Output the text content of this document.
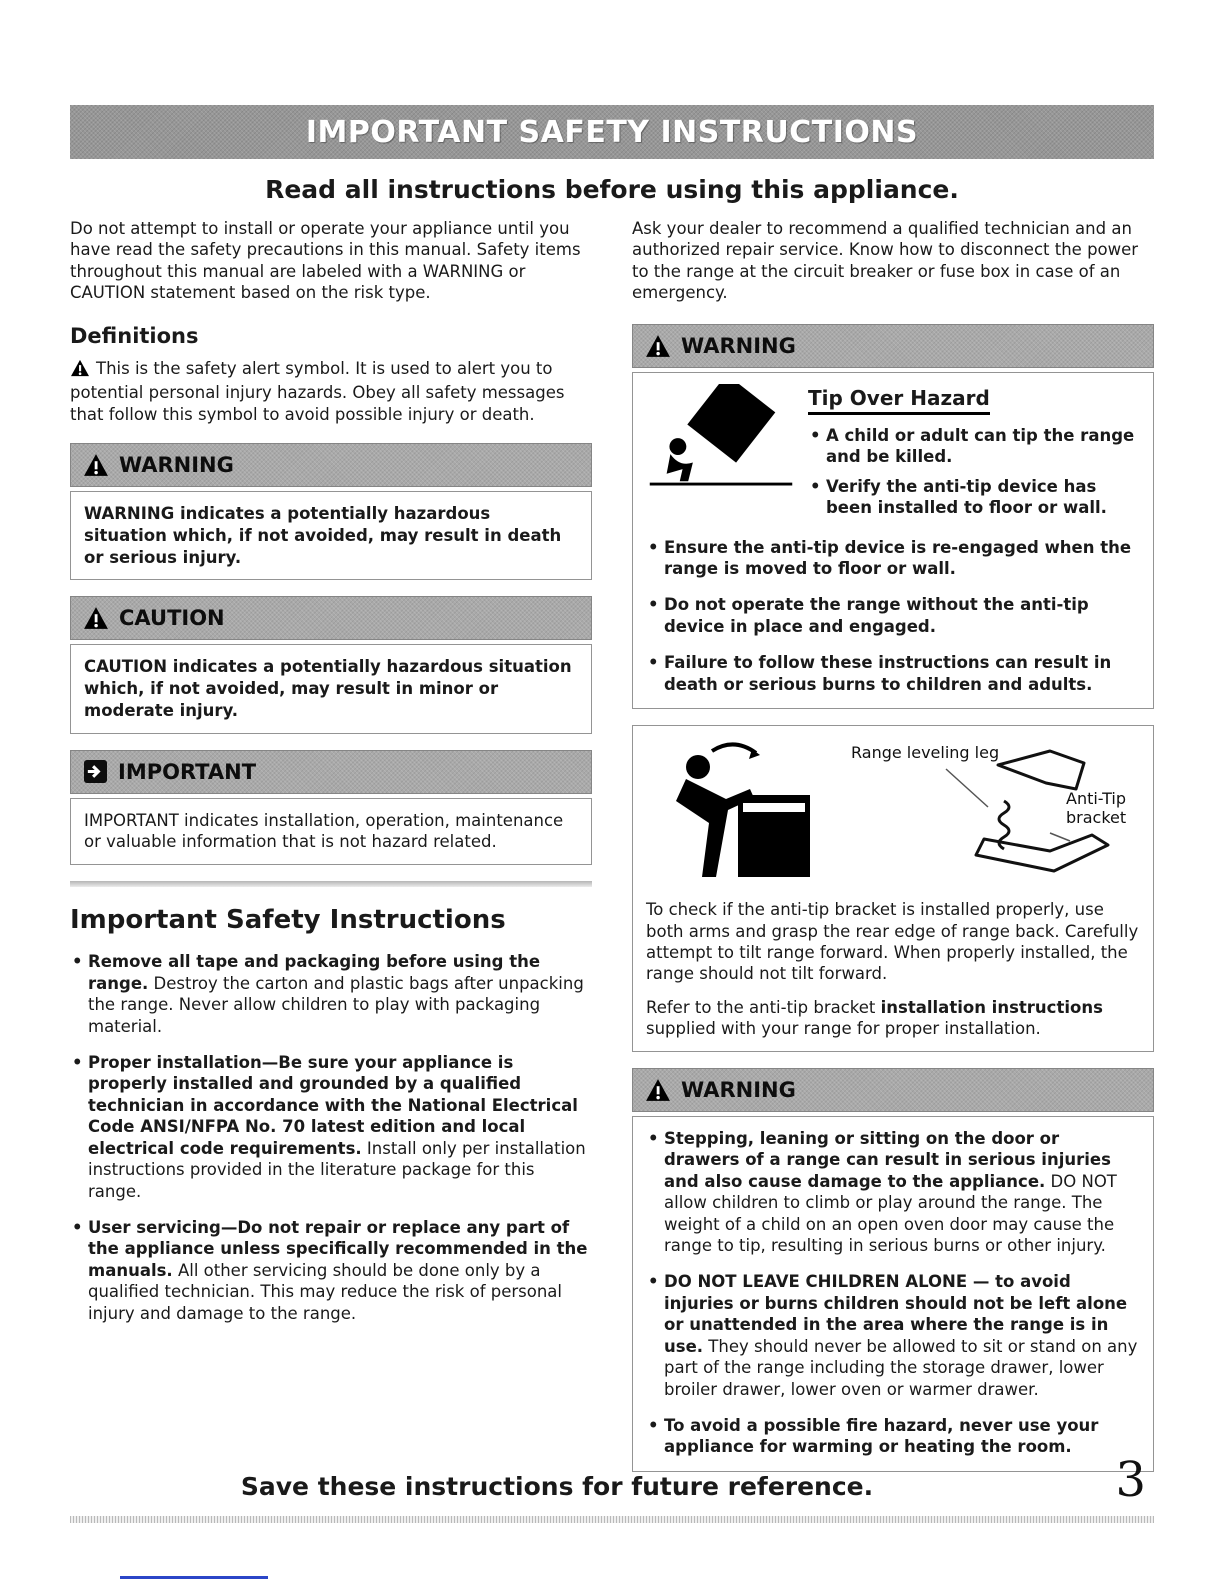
IMPORTANT SAFETY INSTRUCTIONS
Read all instructions before using this appliance.

Do not attempt to install or operate your appliance until you have read the safety precautions in this manual. Safety items throughout this manual are labeled with a WARNING or CAUTION statement based on the risk type.

Definitions

This is the safety alert symbol. It is used to alert you to potential personal injury hazards. Obey all safety messages that follow this symbol to avoid possible injury or death.

WARNING
WARNING indicates a potentially hazardous situation which, if not avoided, may result in death or serious injury.
CAUTION
CAUTION indicates a potentially hazardous situation which, if not avoided, may result in minor or moderate injury.
IMPORTANT
IMPORTANT indicates installation, operation, maintenance or valuable information that is not hazard related.
Important Safety Instructions
• Remove all tape and packaging before using the range. Destroy the carton and plastic bags after unpacking the range. Never allow children to play with packaging material.
• Proper installation—Be sure your appliance is properly installed and grounded by a qualified technician in accordance with the National Electrical Code ANSI/NFPA No. 70 latest edition and local electrical code requirements. Install only per installation instructions provided in the literature package for this range.
• User servicing—Do not repair or replace any part of the appliance unless specifically recommended in the manuals. All other servicing should be done only by a qualified technician. This may reduce the risk of personal injury and damage to the range.

Ask your dealer to recommend a qualified technician and an authorized repair service. Know how to disconnect the power to the range at the circuit breaker or fuse box in case of an emergency.

WARNING
Tip Over Hazard
• A child or adult can tip the range and be killed.
• Verify the anti-tip device has been installed to floor or wall.
• Ensure the anti-tip device is re-engaged when the range is moved to floor or wall.
• Do not operate the range without the anti-tip device in place and engaged.
• Failure to follow these instructions can result in death or serious burns to children and adults.
Range leveling leg
Anti-Tip bracket

To check if the anti-tip bracket is installed properly, use both arms and grasp the rear edge of range back. Carefully attempt to tilt range forward. When properly installed, the range should not tilt forward.

Refer to the anti-tip bracket installation instructions supplied with your range for proper installation.

WARNING
• Stepping, leaning or sitting on the door or drawers of a range can result in serious injuries and also cause damage to the appliance. DO NOT allow children to climb or play around the range. The weight of a child on an open oven door may cause the range to tip, resulting in serious burns or other injury.
• DO NOT LEAVE CHILDREN ALONE — to avoid injuries or burns children should not be left alone or unattended in the area where the range is in use. They should never be allowed to sit or stand on any part of the range including the storage drawer, lower broiler drawer, lower oven or warmer drawer.
• To avoid a possible fire hazard, never use your appliance for warming or heating the room.
Save these instructions for future reference.	3
